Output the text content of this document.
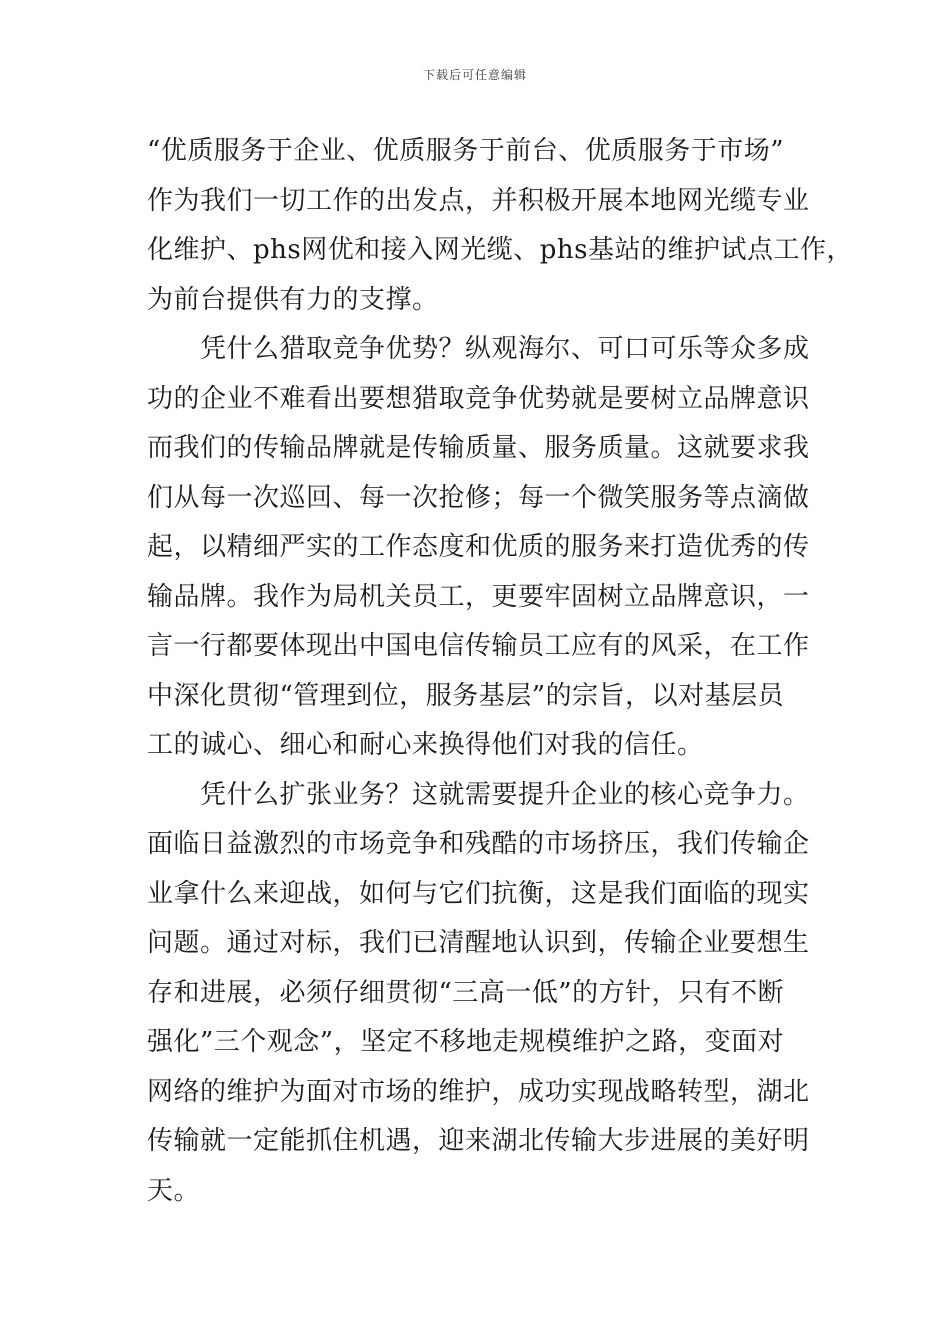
下载后可任意编辑
“优质服务于企业、优质服务于前台、优质服务于市场”
作为我们一切工作的出发点，并积极开展本地网光缆专业
化维护、phs网优和接入网光缆、phs基站的维护试点工作，
为前台提供有力的支撑。
凭什么猎取竞争优势？纵观海尔、可口可乐等众多成
功的企业不难看出要想猎取竞争优势就是要树立品牌意识
而我们的传输品牌就是传输质量、服务质量。这就要求我
们从每一次巡回、每一次抢修；每一个微笑服务等点滴做
起，以精细严实的工作态度和优质的服务来打造优秀的传
输品牌。我作为局机关员工，更要牢固树立品牌意识，一
言一行都要体现出中国电信传输员工应有的风采，在工作
中深化贯彻“管理到位，服务基层”的宗旨，以对基层员
工的诚心、细心和耐心来换得他们对我的信任。
凭什么扩张业务？这就需要提升企业的核心竞争力。
面临日益激烈的市场竞争和残酷的市场挤压，我们传输企
业拿什么来迎战，如何与它们抗衡，这是我们面临的现实
问题。通过对标，我们已清醒地认识到，传输企业要想生
存和进展，必须仔细贯彻“三高一低”的方针，只有不断
强化”三个观念”，坚定不移地走规模维护之路，变面对
网络的维护为面对市场的维护，成功实现战略转型，湖北
传输就一定能抓住机遇，迎来湖北传输大步进展的美好明
天。
